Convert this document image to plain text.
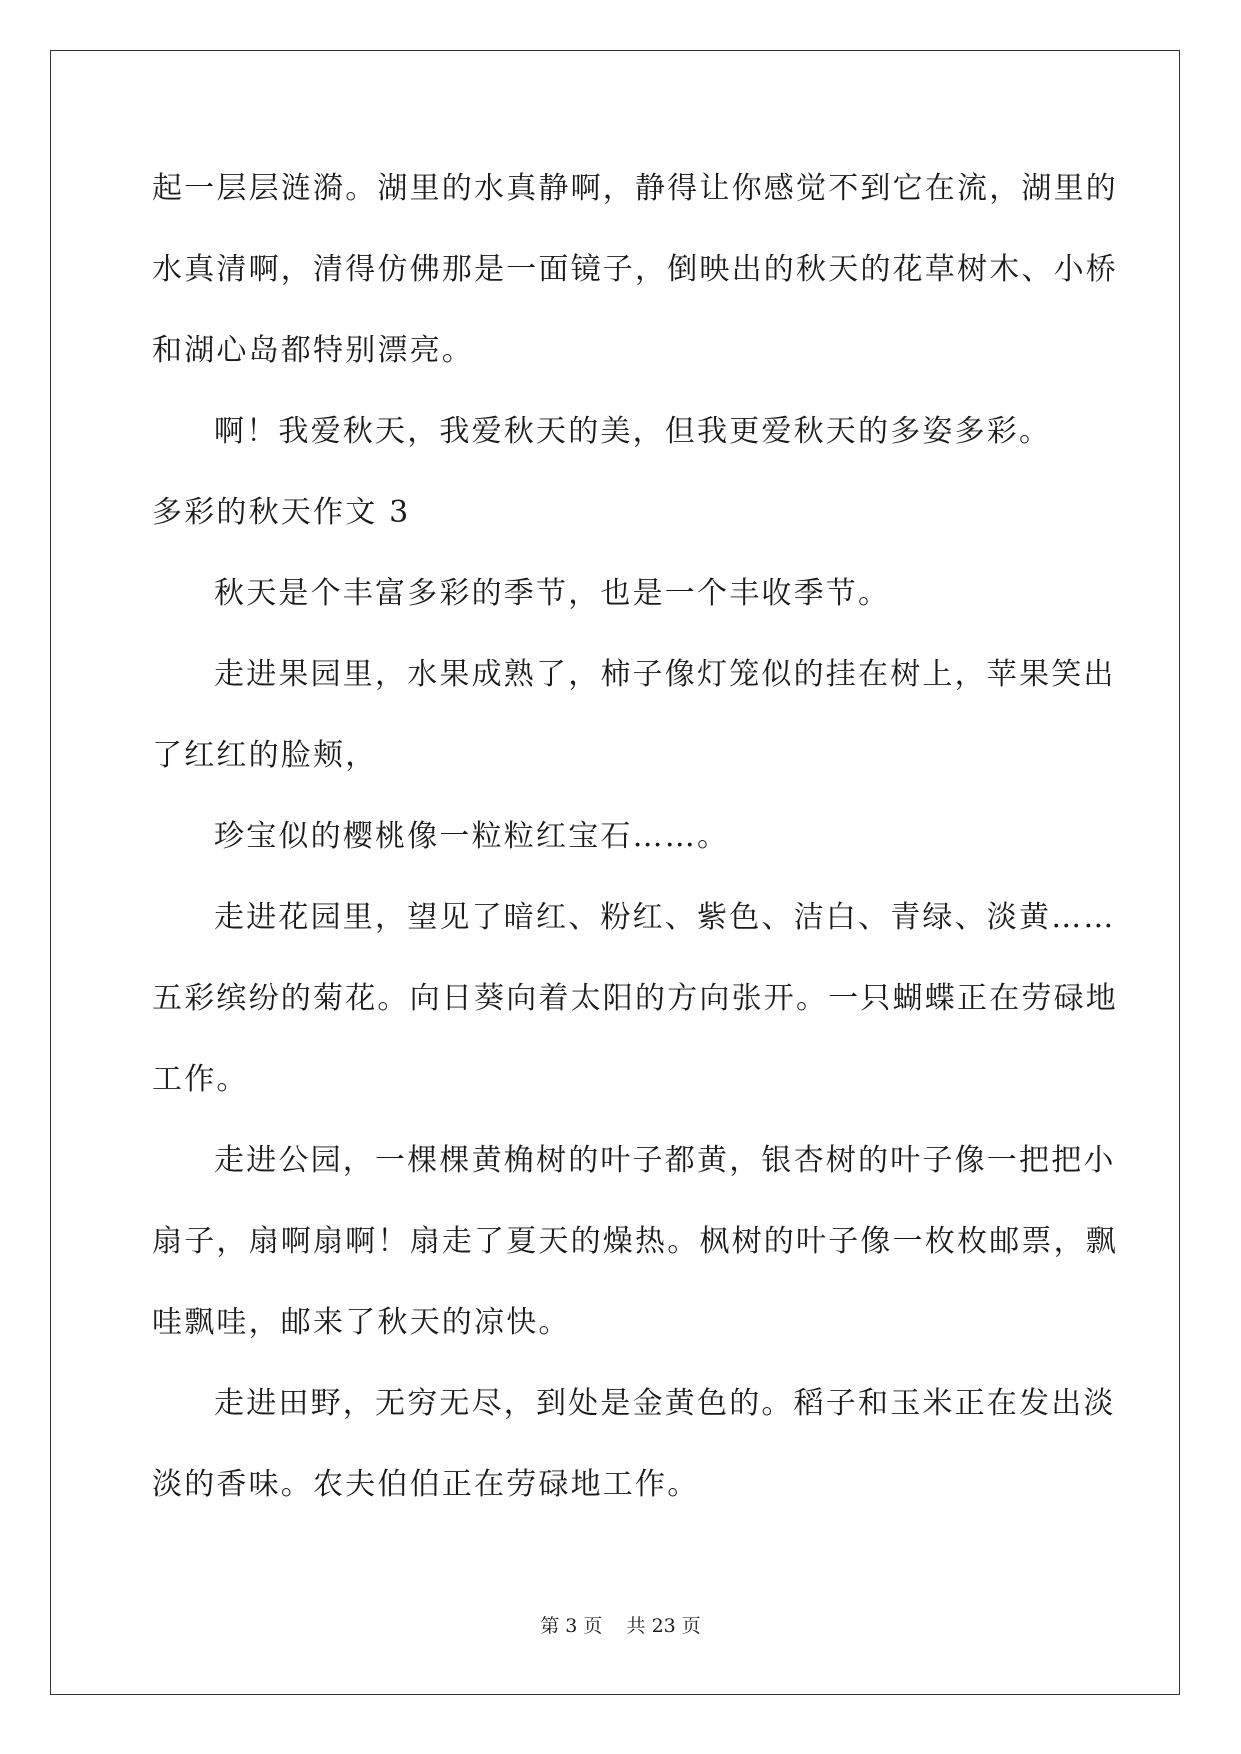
起一层层涟漪。湖里的水真静啊，静得让你感觉不到它在流，湖里的
水真清啊，清得仿佛那是一面镜子，倒映出的秋天的花草树木、小桥
和湖心岛都特别漂亮。
啊！我爱秋天，我爱秋天的美，但我更爱秋天的多姿多彩。
多彩的秋天作文 3
秋天是个丰富多彩的季节，也是一个丰收季节。
走进果园里，水果成熟了，柿子像灯笼似的挂在树上，苹果笑出
了红红的脸颊，
珍宝似的樱桃像一粒粒红宝石……。
走进花园里，望见了暗红、粉红、紫色、洁白、青绿、淡黄……
五彩缤纷的菊花。向日葵向着太阳的方向张开。一只蝴蝶正在劳碌地
工作。
走进公园，一棵棵黄桷树的叶子都黄，银杏树的叶子像一把把小
扇子，扇啊扇啊！扇走了夏天的燥热。枫树的叶子像一枚枚邮票，飘
哇飘哇，邮来了秋天的凉快。
走进田野，无穷无尽，到处是金黄色的。稻子和玉米正在发出淡
淡的香味。农夫伯伯正在劳碌地工作。
第 3 页    共 23 页
